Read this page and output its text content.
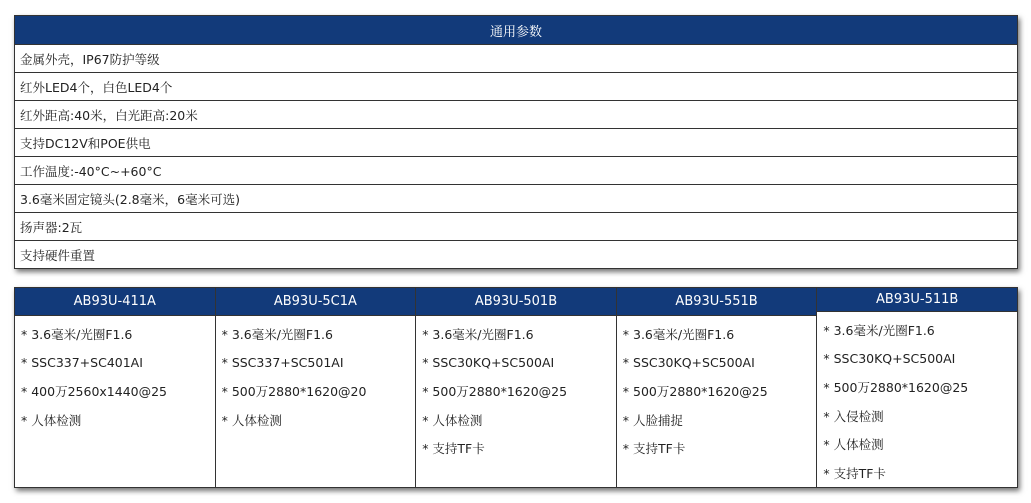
通用参数
金属外壳，IP67防护等级
红外LED4个，白色LED4个
红外距高:40米，白光距高:20米
支持DC12V和POE供电
工作温度:-40°C~+60°C
3.6毫米固定镜头(2.8毫米，6毫米可选)
扬声器:2瓦
支持硬件重置
AB93U-411A
* 3.6毫米/光圈F1.6
* SSC337+SC401AI
* 400万2560x1440@25
* 人体检测
AB93U-5C1A
* 3.6毫米/光圈F1.6
* SSC337+SC501AI
* 500万2880*1620@20
* 人体检测
AB93U-501B
* 3.6毫米/光圈F1.6
* SSC30KQ+SC500AI
* 500万2880*1620@25
* 人体检测
* 支持TF卡
AB93U-551B
* 3.6毫米/光圈F1.6
* SSC30KQ+SC500AI
* 500万2880*1620@25
* 人脸捕捉
* 支持TF卡
AB93U-511B
* 3.6毫米/光圈F1.6
* SSC30KQ+SC500AI
* 500万2880*1620@25
* 入侵检测
* 人体检测
* 支持TF卡
